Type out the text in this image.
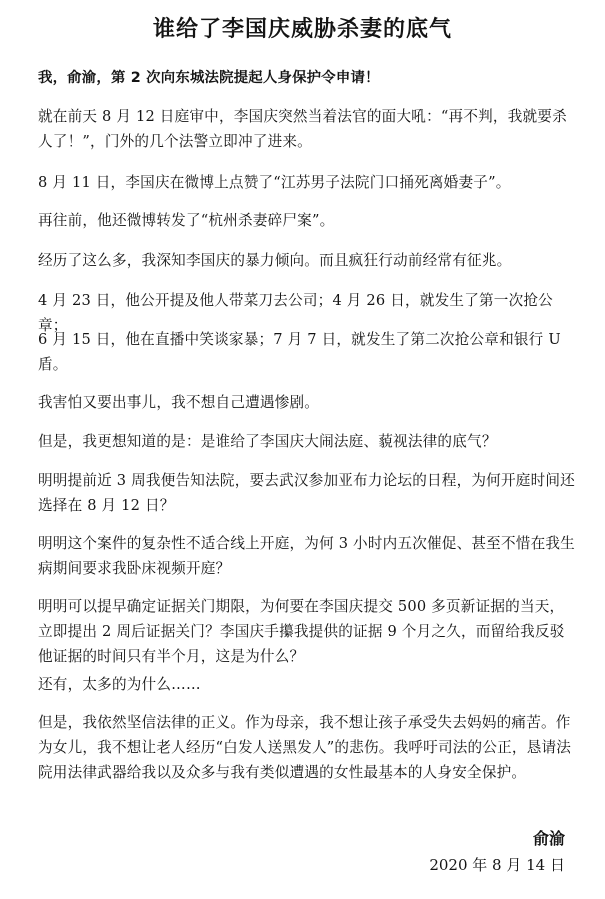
谁给了李国庆威胁杀妻的底气

我，俞渝，第 2 次向东城法院提起人身保护令申请！

就在前天 8 月 12 日庭审中，李国庆突然当着法官的面大吼：“再不判，我就要杀人了！”，门外的几个法警立即冲了进来。

8 月 11 日，李国庆在微博上点赞了“江苏男子法院门口捅死离婚妻子”。

再往前，他还微博转发了“杭州杀妻碎尸案”。

经历了这么多，我深知李国庆的暴力倾向。而且疯狂行动前经常有征兆。

4 月 23 日，他公开提及他人带菜刀去公司；4 月 26 日，就发生了第一次抢公章；

6 月 15 日，他在直播中笑谈家暴；7 月 7 日，就发生了第二次抢公章和银行 U 盾。

我害怕又要出事儿，我不想自己遭遇惨剧。

但是，我更想知道的是：是谁给了李国庆大闹法庭、藐视法律的底气？

明明提前近 3 周我便告知法院，要去武汉参加亚布力论坛的日程，为何开庭时间还选择在 8 月 12 日？

明明这个案件的复杂性不适合线上开庭，为何 3 小时内五次催促、甚至不惜在我生病期间要求我卧床视频开庭？

明明可以提早确定证据关门期限，为何要在李国庆提交 500 多页新证据的当天，立即提出 2 周后证据关门？李国庆手攥我提供的证据 9 个月之久，而留给我反驳他证据的时间只有半个月，这是为什么？

还有，太多的为什么……

但是，我依然坚信法律的正义。作为母亲，我不想让孩子承受失去妈妈的痛苦。作为女儿，我不想让老人经历“白发人送黑发人”的悲伤。我呼吁司法的公正，恳请法院用法律武器给我以及众多与我有类似遭遇的女性最基本的人身安全保护。

俞渝
2020 年 8 月 14 日
